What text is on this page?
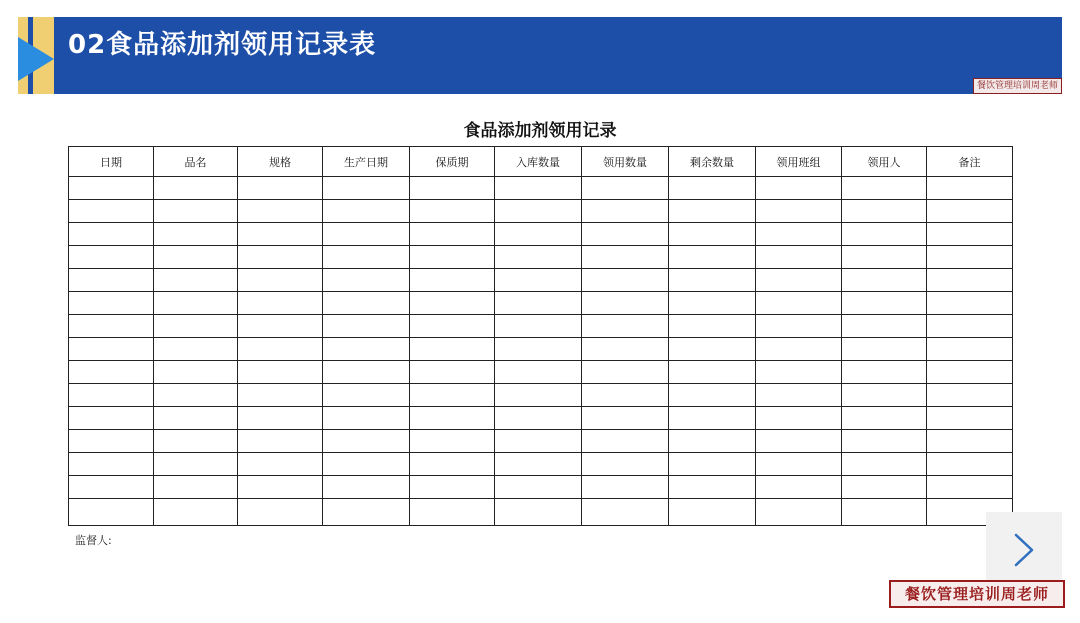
02食品添加剂领用记录表
餐饮管理培训周老师
食品添加剂领用记录
日期	品名	规格	生产日期	保质期	入库数量	领用数量	剩余数量	领用班组	领用人	备注

监督人:
餐饮管理培训周老师
